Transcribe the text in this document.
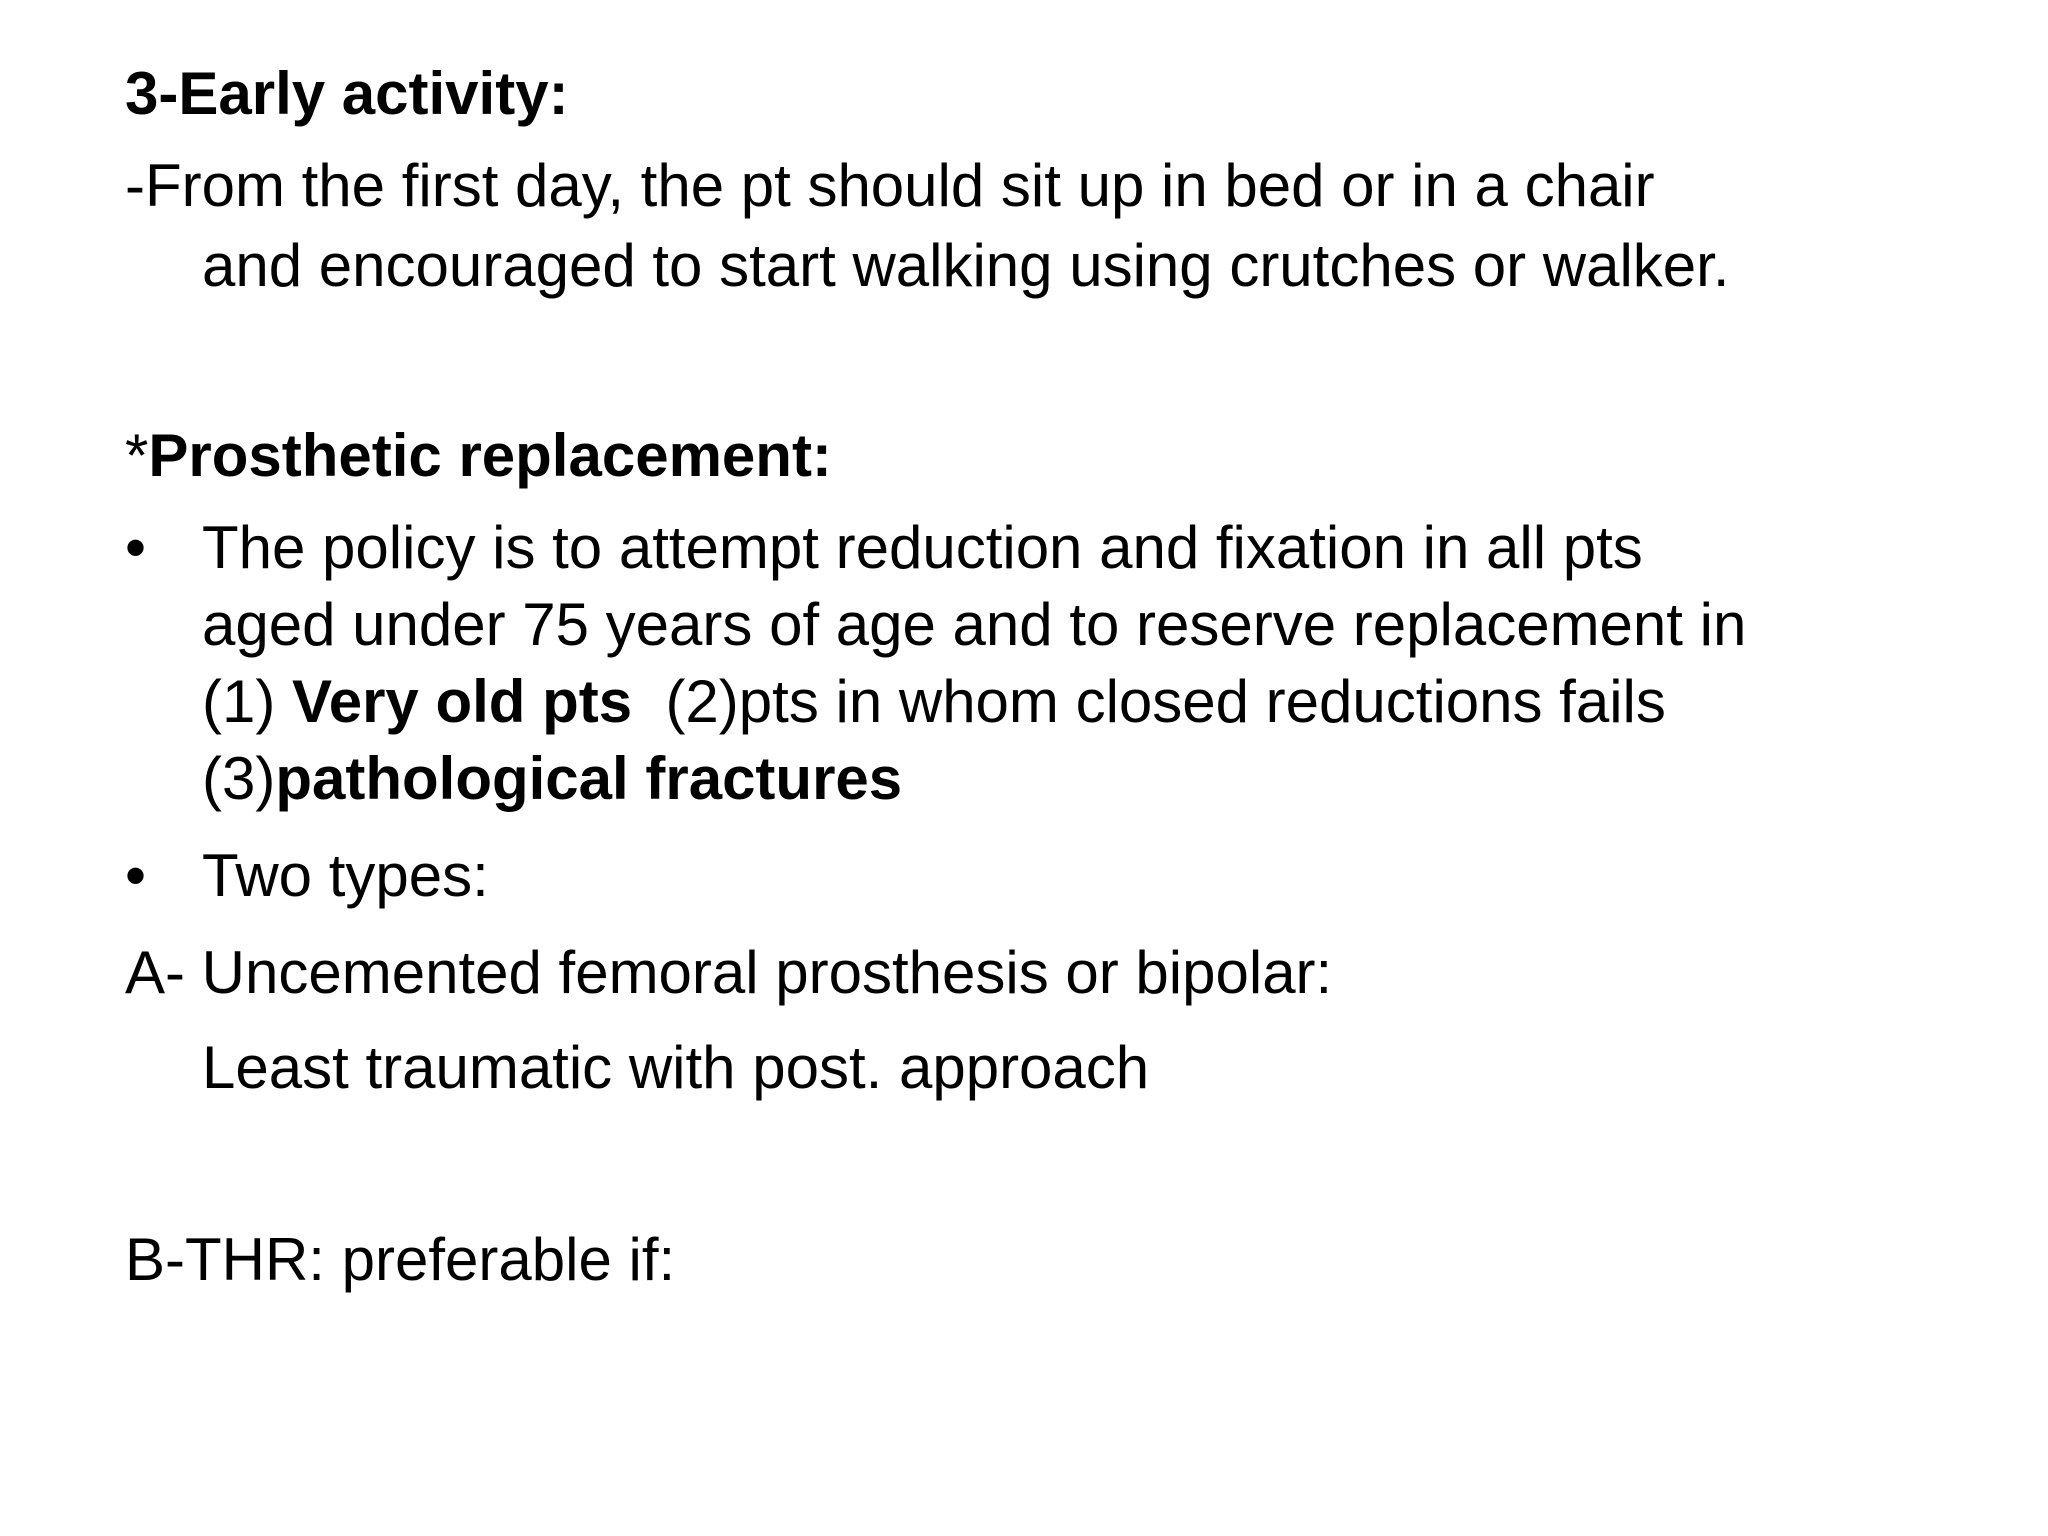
3-Early activity:
-From the first day, the pt should sit up in bed or in a chair
and encouraged to start walking using crutches or walker.
*Prosthetic replacement:
• The policy is to attempt reduction and fixation in all pts
aged under 75 years of age and to reserve replacement in
(1) Very old pts  (2)pts in whom closed reductions fails
(3)pathological fractures
• Two types:
A- Uncemented femoral prosthesis or bipolar:
Least traumatic with post. approach
B-THR: preferable if:
